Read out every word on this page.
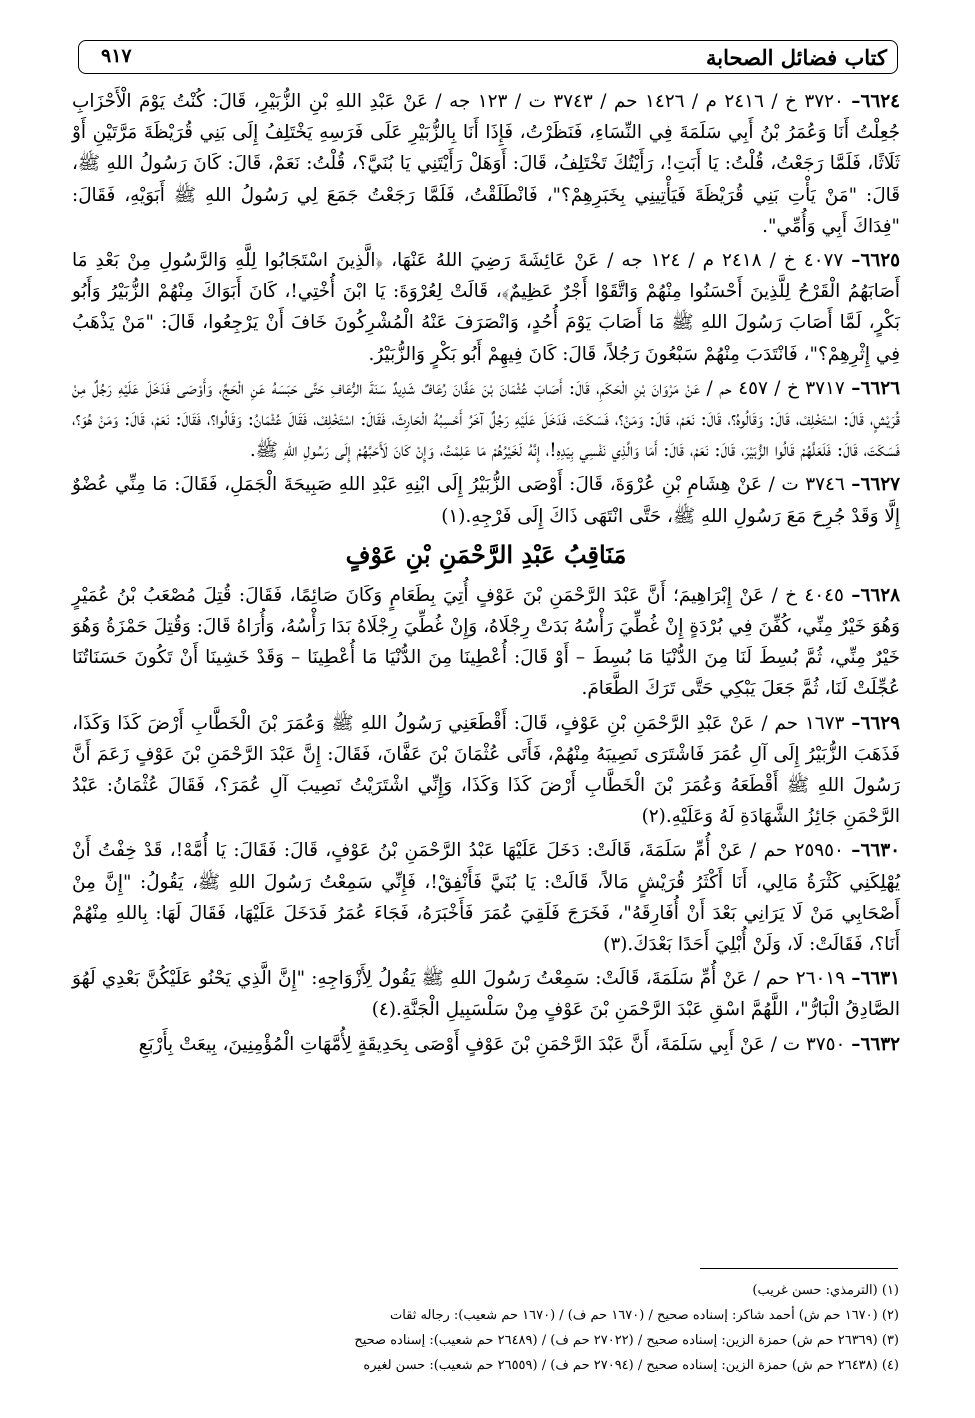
كتاب فضائل الصحابة
٩١٧

٦٦٢٤– ٣٧٢٠ خ / ٢٤١٦ م / ١٤٢٦ حم / ٣٧٤٣ ت / ١٢٣ جه / عَنْ عَبْدِ اللهِ بْنِ الزُّبَيْرِ، قَالَ: كُنْتُ يَوْمَ الْأَحْزَابِ جُعِلْتُ أَنَا وَعُمَرُ بْنُ أَبِي سَلَمَةَ فِي النِّسَاءِ، فَنَظَرْتُ، فَإِذَا أَنَا بِالزُّبَيْرِ عَلَى فَرَسِهِ يَخْتَلِفُ إِلَى بَنِي قُرَيْظَةَ مَرَّتَيْنِ أَوْ ثَلَاثًا، فَلَمَّا رَجَعْتُ، قُلْتُ: يَا أَبَتِ!، رَأَيْتُكَ تَخْتَلِفُ، قَالَ: أَوَهَلْ رَأَيْتَنِي يَا بُنَيَّ؟، قُلْتُ: نَعَمْ، قَالَ: كَانَ رَسُولُ اللهِ ﷺ، قَالَ: "مَنْ يَأْتِ بَنِي قُرَيْظَةَ فَيَأْتِينِي بِخَبَرِهِمْ؟"، فَانْطَلَقْتُ، فَلَمَّا رَجَعْتُ جَمَعَ لِي رَسُولُ اللهِ ﷺ أَبَوَيْهِ، فَقَالَ: "فِدَاكَ أَبِي وَأُمِّي".

٦٦٢٥– ٤٠٧٧ خ / ٢٤١٨ م / ١٢٤ جه / عَنْ عَائِشَةَ رَضِيَ اللهُ عَنْهَا، ﴿الَّذِينَ اسْتَجَابُوا لِلَّهِ وَالرَّسُولِ مِنْ بَعْدِ مَا أَصَابَهُمُ الْقَرْحُ لِلَّذِينَ أَحْسَنُوا مِنْهُمْ وَاتَّقَوْا أَجْرٌ عَظِيمٌ﴾، قَالَتْ لِعُرْوَةَ: يَا ابْنَ أُخْتِي!، كَانَ أَبَوَاكَ مِنْهُمْ الزُّبَيْرُ وَأَبُو بَكْرٍ، لَمَّا أَصَابَ رَسُولَ اللهِ ﷺ مَا أَصَابَ يَوْمَ أُحُدٍ، وَانْصَرَفَ عَنْهُ الْمُشْرِكُونَ خَافَ أَنْ يَرْجِعُوا، قَالَ: "مَنْ يَذْهَبُ فِي إِثْرِهِمْ؟"، فَانْتَدَبَ مِنْهُمْ سَبْعُونَ رَجُلاً، قَالَ: كَانَ فِيهِمْ أَبُو بَكْرٍ وَالزُّبَيْرُ.

٦٦٢٦– ٣٧١٧ خ / ٤٥٧ حم / عَنْ مَرْوَانَ بْنِ الْحَكَمِ، قَالَ: أَصَابَ عُثْمَانَ بْنَ عَفَّانَ رُعَافٌ شَدِيدٌ سَنَةَ الرُّعَافِ حَتَّى حَبَسَهُ عَنِ الْحَجِّ، وَأَوْصَى فَدَخَلَ عَلَيْهِ رَجُلٌ مِنْ قُرَيْشٍ، قَالَ: اسْتَخْلِفْ، قَالَ: وَقَالُوهُ؟، قَالَ: نَعَمْ، قَالَ: وَمَنْ؟، فَسَكَتَ، فَدَخَلَ عَلَيْهِ رَجُلٌ آخَرُ أَحْسِبُهُ الْحَارِثَ، فَقَالَ: اسْتَخْلِفْ، فَقَالَ عُثْمَانُ: وَقَالُوا؟، فَقَالَ: نَعَمْ، قَالَ: وَمَنْ هُوَ؟، فَسَكَتَ، قَالَ: فَلَعَلَّهُمْ قَالُوا الزُّبَيْرَ، قَالَ: نَعَمْ، قَالَ: أَمَا وَالَّذِي نَفْسِي بِيَدِهِ!، إِنَّهُ لَخَيْرُهُمْ مَا عَلِمْتُ، وَإِنْ كَانَ لَأَحَبَّهُمْ إِلَى رَسُولِ اللهِ ﷺ.

٦٦٢٧– ٣٧٤٦ ت / عَنْ هِشَامِ بْنِ عُرْوَةَ، قَالَ: أَوْصَى الزُّبَيْرُ إِلَى ابْنِهِ عَبْدِ اللهِ صَبِيحَةَ الْجَمَلِ، فَقَالَ: مَا مِنِّي عُضْوٌ إِلَّا وَقَدْ جُرِحَ مَعَ رَسُولِ اللهِ ﷺ، حَتَّى انْتَهَى ذَاكَ إِلَى فَرْجِهِ.(١)

مَنَاقِبُ عَبْدِ الرَّحْمَنِ بْنِ عَوْفٍ

٦٦٢٨– ٤٠٤٥ خ / عَنْ إِبْرَاهِيمَ؛ أَنَّ عَبْدَ الرَّحْمَنِ بْنَ عَوْفٍ أُتِيَ بِطَعَامٍ وَكَانَ صَائِمًا، فَقَالَ: قُتِلَ مُصْعَبُ بْنُ عُمَيْرٍ وَهُوَ خَيْرٌ مِنِّي، كُفِّنَ فِي بُرْدَةٍ إِنْ غُطِّيَ رَأْسُهُ بَدَتْ رِجْلَاهُ، وَإِنْ غُطِّيَ رِجْلَاهُ بَدَا رَأْسُهُ، وَأُرَاهُ قَالَ: وَقُتِلَ حَمْزَةُ وَهُوَ خَيْرٌ مِنِّي، ثُمَّ بُسِطَ لَنَا مِنَ الدُّنْيَا مَا بُسِطَ – أَوْ قَالَ: أُعْطِينَا مِنَ الدُّنْيَا مَا أُعْطِينَا – وَقَدْ خَشِينَا أَنْ تَكُونَ حَسَنَاتُنَا عُجِّلَتْ لَنَا، ثُمَّ جَعَلَ يَبْكِي حَتَّى تَرَكَ الطَّعَامَ.

٦٦٢٩– ١٦٧٣ حم / عَنْ عَبْدِ الرَّحْمَنِ بْنِ عَوْفٍ، قَالَ: أَقْطَعَنِي رَسُولُ اللهِ ﷺ وَعُمَرَ بْنَ الْخَطَّابِ أَرْضَ كَذَا وَكَذَا، فَذَهَبَ الزُّبَيْرُ إِلَى آلِ عُمَرَ فَاشْتَرَى نَصِيبَهُ مِنْهُمْ، فَأَتَى عُثْمَانَ بْنَ عَفَّانَ، فَقَالَ: إِنَّ عَبْدَ الرَّحْمَنِ بْنَ عَوْفٍ زَعَمَ أَنَّ رَسُولَ اللهِ ﷺ أَقْطَعَهُ وَعُمَرَ بْنَ الْخَطَّابِ أَرْضَ كَذَا وَكَذَا، وَإِنِّي اشْتَرَيْتُ نَصِيبَ آلِ عُمَرَ؟، فَقَالَ عُثْمَانُ: عَبْدُ الرَّحْمَنِ جَائِزُ الشَّهَادَةِ لَهُ وَعَلَيْهِ.(٢)

٦٦٣٠– ٢٥٩٥٠ حم / عَنْ أُمِّ سَلَمَةَ، قَالَتْ: دَخَلَ عَلَيْهَا عَبْدُ الرَّحْمَنِ بْنُ عَوْفٍ، قَالَ: فَقَالَ: يَا أُمَّهْ!، قَدْ خِفْتُ أَنْ يُهْلِكَنِي كَثْرَةُ مَالِي، أَنَا أَكْثَرُ قُرَيْشٍ مَالاً، قَالَتْ: يَا بُنَيَّ فَأَنْفِقْ!، فَإِنِّي سَمِعْتُ رَسُولَ اللهِ ﷺ، يَقُولُ: "إِنَّ مِنْ أَصْحَابِي مَنْ لَا يَرَانِي بَعْدَ أَنْ أُفَارِقَهُ"، فَخَرَجَ فَلَقِيَ عُمَرَ فَأَخْبَرَهُ، فَجَاءَ عُمَرُ فَدَخَلَ عَلَيْهَا، فَقَالَ لَهَا: بِاللهِ مِنْهُمْ أَنَا؟، فَقَالَتْ: لَا، وَلَنْ أُبْلِيَ أَحَدًا بَعْدَكَ.(٣)

٦٦٣١– ٢٦٠١٩ حم / عَنْ أُمِّ سَلَمَةَ، قَالَتْ: سَمِعْتُ رَسُولَ اللهِ ﷺ يَقُولُ لِأَزْوَاجِهِ: "إِنَّ الَّذِي يَحْنُو عَلَيْكُنَّ بَعْدِي لَهُوَ الصَّادِقُ الْبَارُّ"، اللَّهُمَّ اسْقِ عَبْدَ الرَّحْمَنِ بْنَ عَوْفٍ مِنْ سَلْسَبِيلِ الْجَنَّةِ.(٤)

٦٦٣٢– ٣٧٥٠ ت / عَنْ أَبِي سَلَمَةَ، أَنَّ عَبْدَ الرَّحْمَنِ بْنَ عَوْفٍ أَوْصَى بِحَدِيقَةٍ لِأُمَّهَاتِ الْمُؤْمِنِينَ، بِيعَتْ بِأَرْبَعِ

(١) (الترمذي: حسن غريب)
(٢) (١٦٧٠ حم ش) أحمد شاكر: إسناده صحيح / (١٦٧٠ حم ف) / (١٦٧٠ حم شعيب): رجاله ثقات
(٣) (٢٦٣٦٩ حم ش) حمزة الزين: إسناده صحيح / (٢٧٠٢٢ حم ف) / (٢٦٤٨٩ حم شعيب): إسناده صحيح
(٤) (٢٦٤٣٨ حم ش) حمزة الزين: إسناده صحيح / (٢٧٠٩٤ حم ف) / (٢٦٥٥٩ حم شعيب): حسن لغيره
